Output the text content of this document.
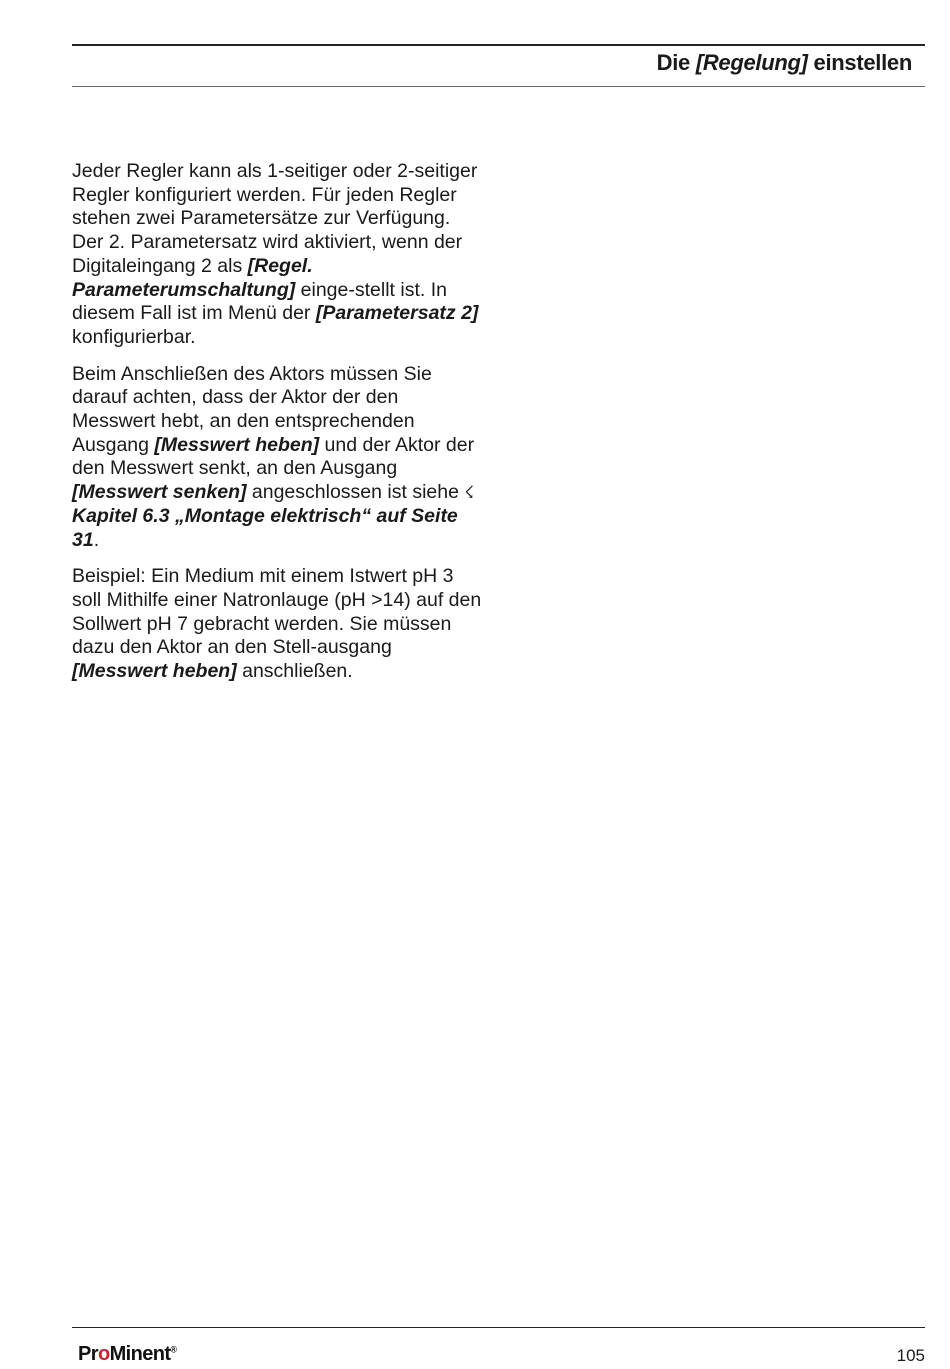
Die [Regelung] einstellen

Jeder Regler kann als 1-seitiger oder 2-seitiger Regler konfiguriert werden. Für jeden Regler stehen zwei Parametersätze zur Verfügung. Der 2. Parametersatz wird aktiviert, wenn der Digitaleingang 2 als [Regel. Parameterumschaltung] einge-stellt ist. In diesem Fall ist im Menü der [Parametersatz 2] konfigurierbar.

Beim Anschließen des Aktors müssen Sie darauf achten, dass der Aktor der den Messwert hebt, an den entsprechenden Ausgang [Messwert heben] und der Aktor der den Messwert senkt, an den Ausgang [Messwert senken] angeschlossen ist siehe ☇ Kapitel 6.3 „Montage elektrisch“ auf Seite 31.

Beispiel: Ein Medium mit einem Istwert pH 3 soll Mithilfe einer Natronlauge (pH >14) auf den Sollwert pH 7 gebracht werden. Sie müssen dazu den Aktor an den Stell-ausgang [Messwert heben] anschließen.

ProMinent®	105
